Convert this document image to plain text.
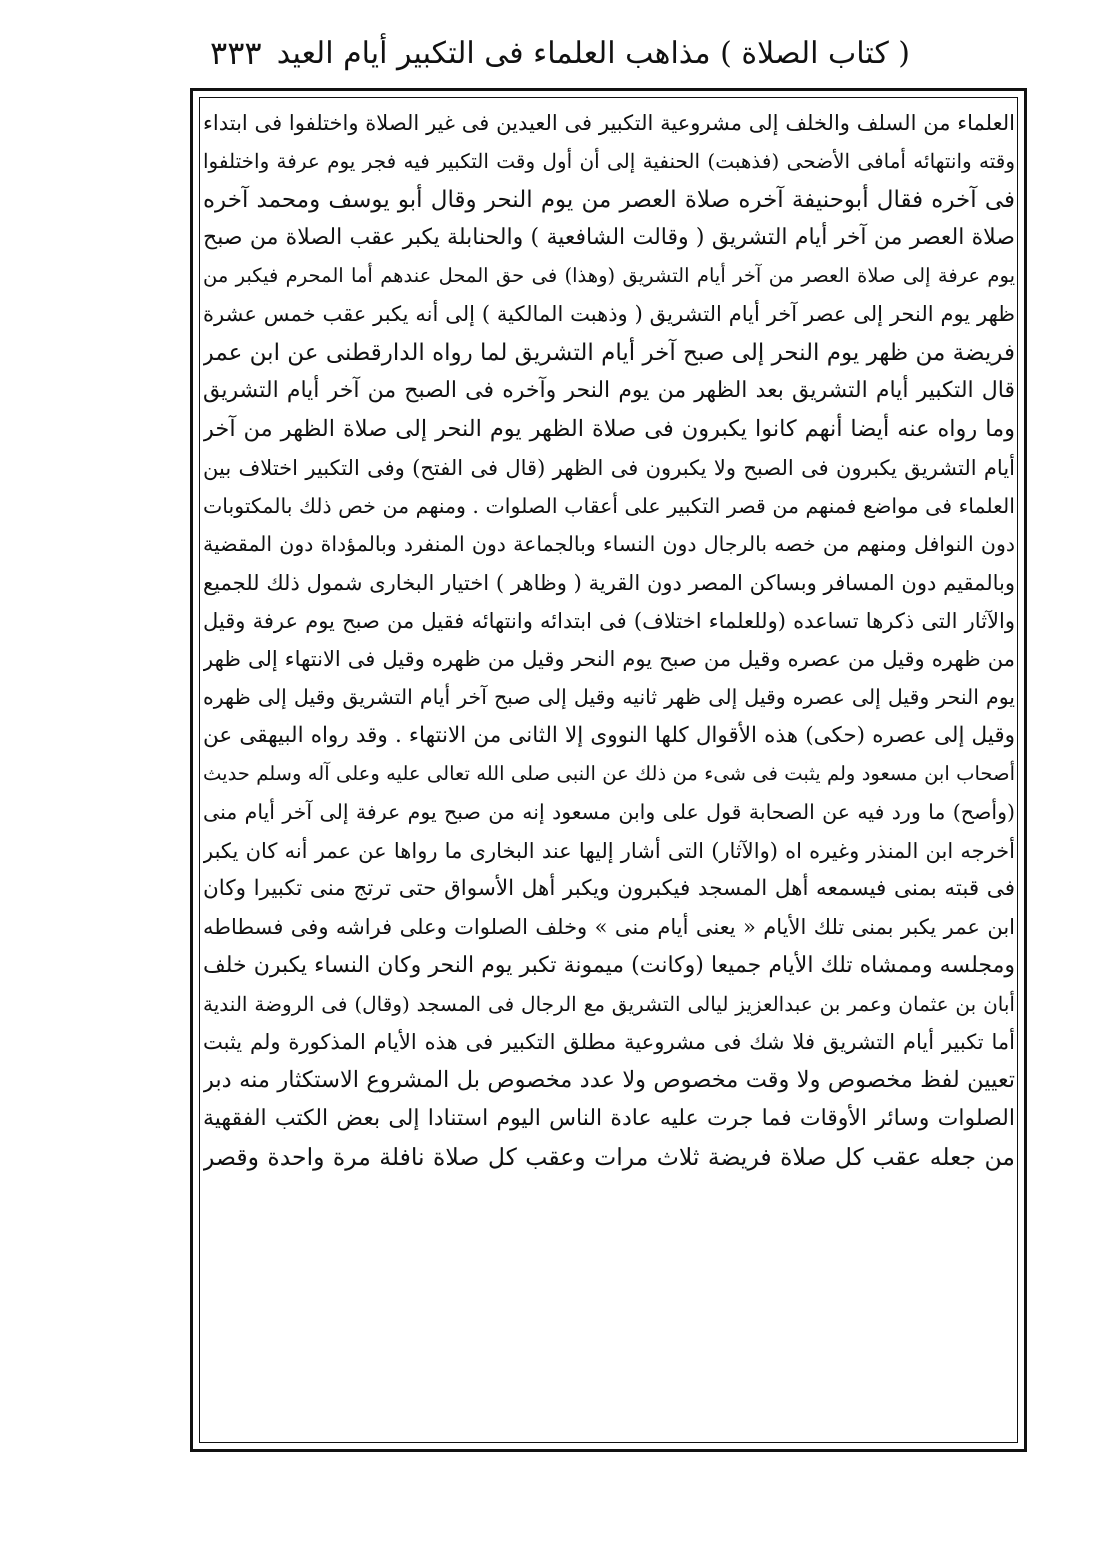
( كتاب الصلاة ) مذاهب العلماء فى التكبير أيام العيد
٣٣٣
العلماء من السلف والخلف إلى مشروعية التكبير فى العيدين فى غير الصلاة واختلفوا فى ابتداء
وقته وانتهائه أمافى الأضحى (فذهبت) الحنفية إلى أن أول وقت التكبير فيه فجر يوم عرفة واختلفوا
فى آخره فقال أبوحنيفة آخره صلاة العصر من يوم النحر وقال أبو يوسف ومحمد آخره
صلاة العصر من آخر أيام التشريق ( وقالت الشافعية ) والحنابلة يكبر عقب الصلاة من صبح
يوم عرفة إلى صلاة العصر من آخر أيام التشريق (وهذا) فى حق المحل عندهم أما المحرم فيكبر من
ظهر يوم النحر إلى عصر آخر أيام التشريق ( وذهبت المالكية ) إلى أنه يكبر عقب خمس عشرة
فريضة من ظهر يوم النحر إلى صبح آخر أيام التشريق لما رواه الدارقطنى عن ابن عمر
قال التكبير أيام التشريق بعد الظهر من يوم النحر وآخره فى الصبح من آخر أيام التشريق
وما رواه عنه أيضا أنهم كانوا يكبرون فى صلاة الظهر يوم النحر إلى صلاة الظهر من آخر
أيام التشريق يكبرون فى الصبح ولا يكبرون فى الظهر (قال فى الفتح) وفى التكبير اختلاف بين
العلماء فى مواضع فمنهم من قصر التكبير على أعقاب الصلوات . ومنهم من خص ذلك بالمكتوبات
دون النوافل ومنهم من خصه بالرجال دون النساء وبالجماعة دون المنفرد وبالمؤداة دون المقضية
وبالمقيم دون المسافر وبساكن المصر دون القرية ( وظاهر ) اختيار البخارى شمول ذلك للجميع
والآثار التى ذكرها تساعده (وللعلماء اختلاف) فى ابتدائه وانتهائه فقيل من صبح يوم عرفة وقيل
من ظهره وقيل من عصره وقيل من صبح يوم النحر وقيل من ظهره وقيل فى الانتهاء إلى ظهر
يوم النحر وقيل إلى عصره وقيل إلى ظهر ثانيه وقيل إلى صبح آخر أيام التشريق وقيل إلى ظهره
وقيل إلى عصره (حكى) هذه الأقوال كلها النووى إلا الثانى من الانتهاء . وقد رواه البيهقى عن
أصحاب ابن مسعود ولم يثبت فى شىء من ذلك عن النبى صلى الله تعالى عليه وعلى آله وسلم حديث
(وأصح) ما ورد فيه عن الصحابة قول على وابن مسعود إنه من صبح يوم عرفة إلى آخر أيام منى
أخرجه ابن المنذر وغيره اه (والآثار) التى أشار إليها عند البخارى ما رواها عن عمر أنه كان يكبر
فى قبته بمنى فيسمعه أهل المسجد فيكبرون ويكبر أهل الأسواق حتى ترتج منى تكبيرا وكان
ابن عمر يكبر بمنى تلك الأيام « يعنى أيام منى » وخلف الصلوات وعلى فراشه وفى فسطاطه
ومجلسه وممشاه تلك الأيام جميعا (وكانت) ميمونة تكبر يوم النحر وكان النساء يكبرن خلف
أبان بن عثمان وعمر بن عبدالعزيز ليالى التشريق مع الرجال فى المسجد (وقال) فى الروضة الندية
أما تكبير أيام التشريق فلا شك فى مشروعية مطلق التكبير فى هذه الأيام المذكورة ولم يثبت
تعيين لفظ مخصوص ولا وقت مخصوص ولا عدد مخصوص بل المشروع الاستكثار منه دبر
الصلوات وسائر الأوقات فما جرت عليه عادة الناس اليوم استنادا إلى بعض الكتب الفقهية
من جعله عقب كل صلاة فريضة ثلاث مرات وعقب كل صلاة نافلة مرة واحدة وقصر
